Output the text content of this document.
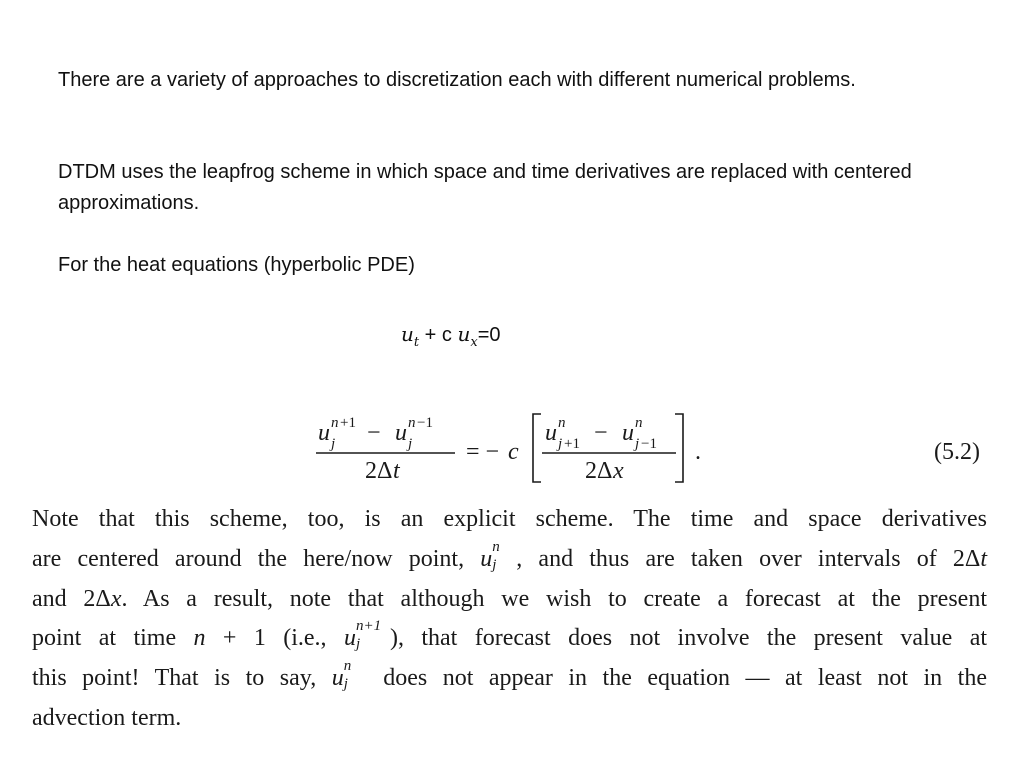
There are a variety of approaches to discretization each with different numerical problems.
DTDM uses the leapfrog scheme in which space and time derivatives are replaced with centered approximations.
For the heat equations (hyperbolic PDE)
$u_t + c$ $u_x=0$
u n +1
j − u n −1
j
2Δ t
= − c
u n
j +1 − u n
j −1
2Δ x
.	(5.2)
Note that this scheme, too, is an explicit scheme. The time and space derivatives
are centered around the here/now point, u n
j , and thus are taken over intervals of 2Δt
and 2Δx. As a result, note that although we wish to create a forecast at the present
point at time n + 1 (i.e., u n+1
j ), that forecast does not involve the present value at
this point! That is to say, u n
j does not appear in the equation — at least not in the
advection term.
